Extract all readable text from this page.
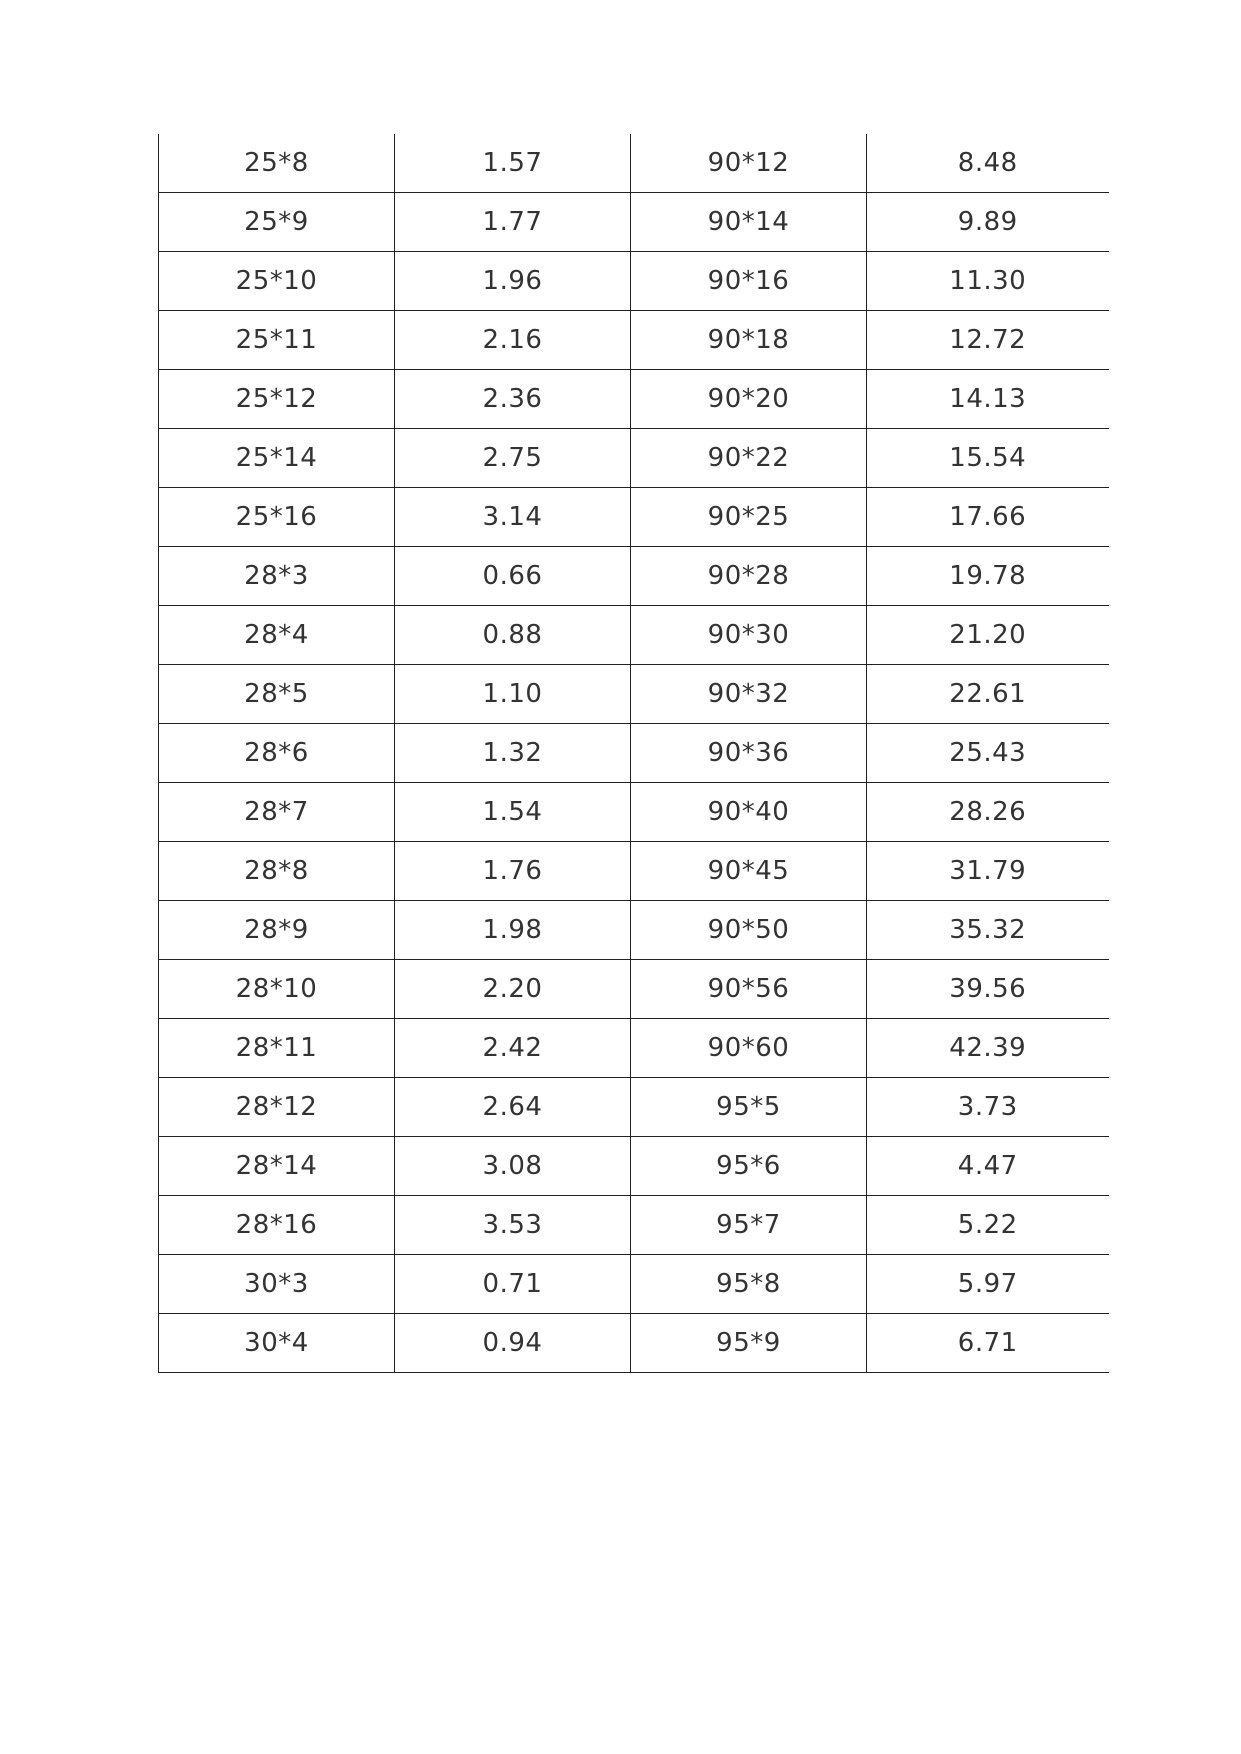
25*8	1.57	90*12	8.48
25*9	1.77	90*14	9.89
25*10	1.96	90*16	11.30
25*11	2.16	90*18	12.72
25*12	2.36	90*20	14.13
25*14	2.75	90*22	15.54
25*16	3.14	90*25	17.66
28*3	0.66	90*28	19.78
28*4	0.88	90*30	21.20
28*5	1.10	90*32	22.61
28*6	1.32	90*36	25.43
28*7	1.54	90*40	28.26
28*8	1.76	90*45	31.79
28*9	1.98	90*50	35.32
28*10	2.20	90*56	39.56
28*11	2.42	90*60	42.39
28*12	2.64	95*5	3.73
28*14	3.08	95*6	4.47
28*16	3.53	95*7	5.22
30*3	0.71	95*8	5.97
30*4	0.94	95*9	6.71
